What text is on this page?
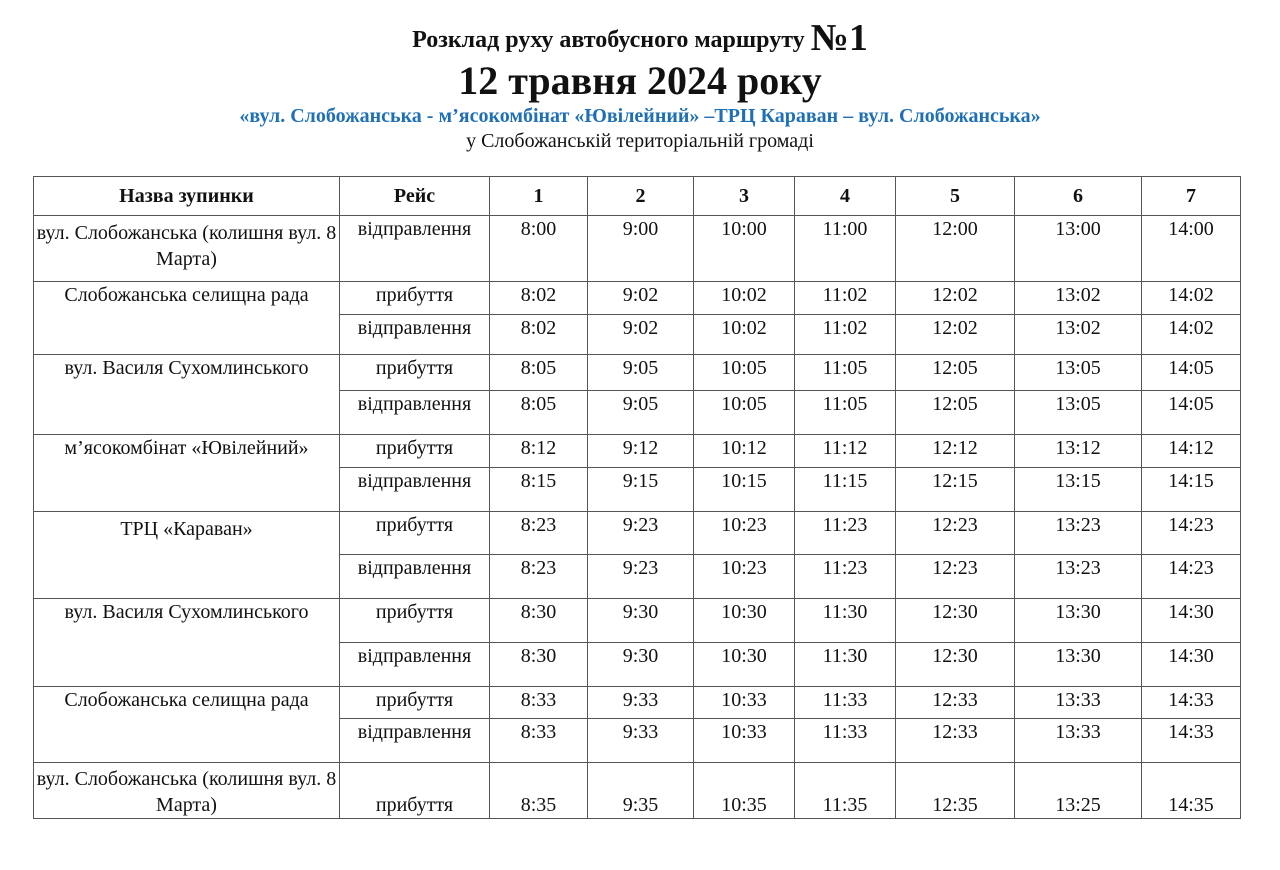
Розклад руху автобусного маршруту №1
12 травня 2024 року
«вул. Слобожанська - м’ясокомбінат «Ювілейний» –ТРЦ Караван – вул. Слобожанська»
у Слобожанській територіальній громаді
Назва зупинки	Рейс	1	2	3	4	5	6	7
вул. Слобожанська (колишня вул. 8 Марта)	відправлення	8:00	9:00	10:00	11:00	12:00	13:00	14:00
Слобожанська селищна рада	прибуття	8:02	9:02	10:02	11:02	12:02	13:02	14:02
	відправлення	8:02	9:02	10:02	11:02	12:02	13:02	14:02
вул. Василя Сухомлинського	прибуття	8:05	9:05	10:05	11:05	12:05	13:05	14:05
	відправлення	8:05	9:05	10:05	11:05	12:05	13:05	14:05
м’ясокомбінат «Ювілейний»	прибуття	8:12	9:12	10:12	11:12	12:12	13:12	14:12
	відправлення	8:15	9:15	10:15	11:15	12:15	13:15	14:15
ТРЦ «Караван»	прибуття	8:23	9:23	10:23	11:23	12:23	13:23	14:23
	відправлення	8:23	9:23	10:23	11:23	12:23	13:23	14:23
вул. Василя Сухомлинського	прибуття	8:30	9:30	10:30	11:30	12:30	13:30	14:30
	відправлення	8:30	9:30	10:30	11:30	12:30	13:30	14:30
Слобожанська селищна рада	прибуття	8:33	9:33	10:33	11:33	12:33	13:33	14:33
	відправлення	8:33	9:33	10:33	11:33	12:33	13:33	14:33
вул. Слобожанська (колишня вул. 8 Марта)	прибуття	8:35	9:35	10:35	11:35	12:35	13:25	14:35
